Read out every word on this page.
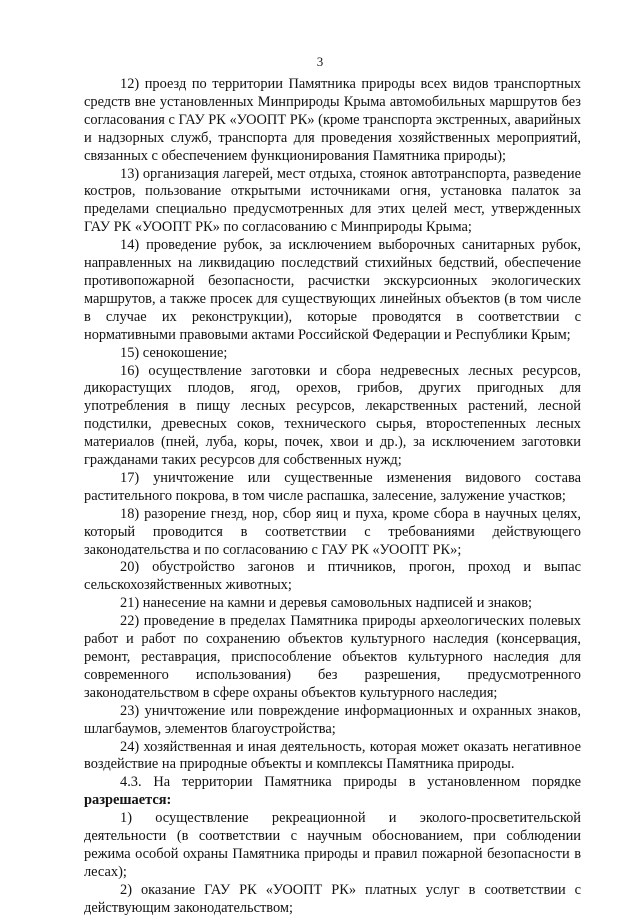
3

12) проезд по территории Памятника природы всех видов транспортных средств вне установленных Минприроды Крыма автомобильных маршрутов без согласования с ГАУ РК «УООПТ РК» (кроме транспорта экстренных, аварийных и надзорных служб, транспорта для проведения хозяйственных мероприятий, связанных с обеспечением функционирования Памятника природы);

13) организация лагерей, мест отдыха, стоянок автотранспорта, разведение костров, пользование открытыми источниками огня, установка палаток за пределами специально предусмотренных для этих целей мест, утвержденных ГАУ РК «УООПТ РК» по согласованию с Минприроды Крыма;

14) проведение рубок, за исключением выборочных санитарных рубок, направленных на ликвидацию последствий стихийных бедствий, обеспечение противопожарной безопасности, расчистки экскурсионных экологических маршрутов, а также просек для существующих линейных объектов (в том числе в случае их реконструкции), которые проводятся в соответствии с нормативными правовыми актами Российской Федерации и Республики Крым;

15) сенокошение;

16) осуществление заготовки и сбора недревесных лесных ресурсов, дикорастущих плодов, ягод, орехов, грибов, других пригодных для употребления в пищу лесных ресурсов, лекарственных растений, лесной подстилки, древесных соков, технического сырья, второстепенных лесных материалов (пней, луба, коры, почек, хвои и др.), за исключением заготовки гражданами таких ресурсов для собственных нужд;

17) уничтожение или существенные изменения видового состава растительного покрова, в том числе распашка, залесение, залужение участков;

18) разорение гнезд, нор, сбор яиц и пуха, кроме сбора в научных целях, который проводится в соответствии с требованиями действующего законодательства и по согласованию с ГАУ РК «УООПТ РК»;

20) обустройство загонов и птичников, прогон, проход и выпас сельскохозяйственных животных;

21) нанесение на камни и деревья самовольных надписей и знаков;

22) проведение в пределах Памятника природы археологических полевых работ и работ по сохранению объектов культурного наследия (консервация, ремонт, реставрация, приспособление объектов культурного наследия для современного использования) без разрешения, предусмотренного законодательством в сфере охраны объектов культурного наследия;

23) уничтожение или повреждение информационных и охранных знаков, шлагбаумов, элементов благоустройства;

24) хозяйственная и иная деятельность, которая может оказать негативное воздействие на природные объекты и комплексы Памятника природы.

4.3. На территории Памятника природы в установленном порядке разрешается:

1) осуществление рекреационной и эколого-просветительской деятельности (в соответствии с научным обоснованием, при соблюдении режима особой охраны Памятника природы и правил пожарной безопасности в лесах);

2) оказание ГАУ РК «УООПТ РК» платных услуг в соответствии с действующим законодательством;
